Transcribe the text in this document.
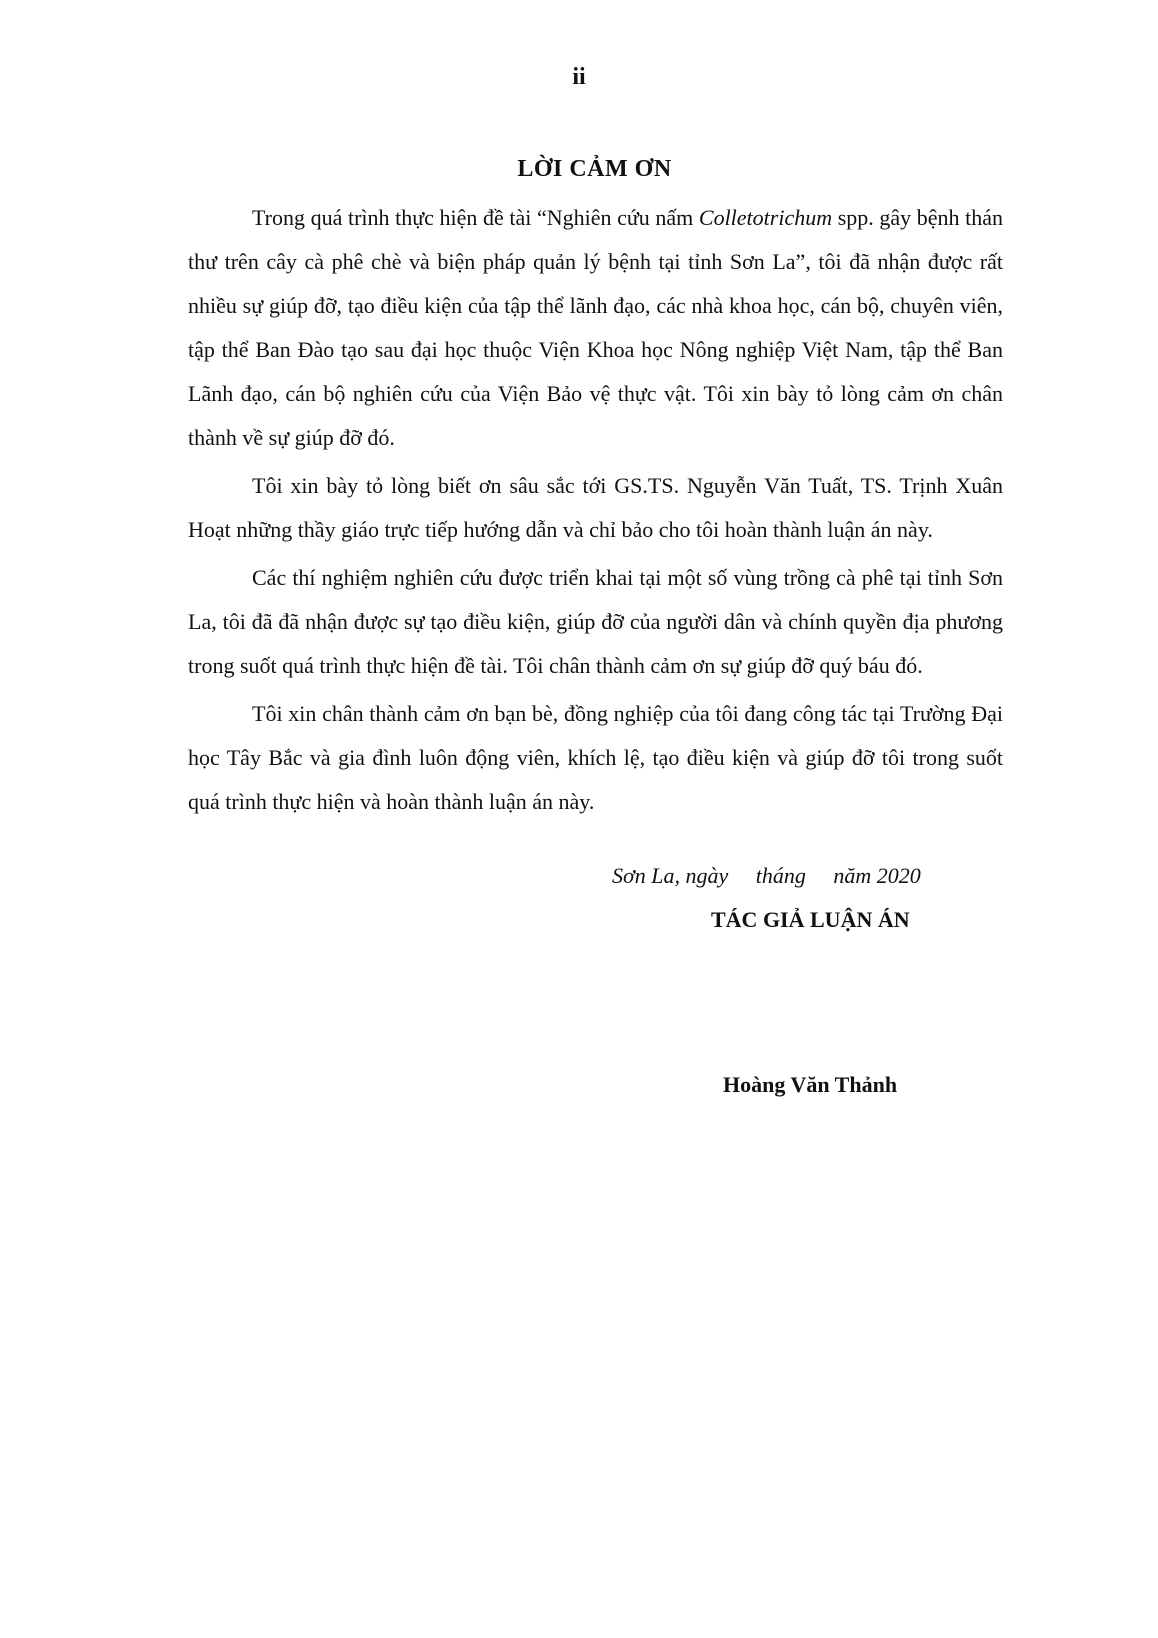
ii
LỜI CẢM ƠN

Trong quá trình thực hiện đề tài “Nghiên cứu nấm Colletotrichum spp. gây bệnh thán thư trên cây cà phê chè và biện pháp quản lý bệnh tại tỉnh Sơn La”, tôi đã nhận được rất nhiều sự giúp đỡ, tạo điều kiện của tập thể lãnh đạo, các nhà khoa học, cán bộ, chuyên viên, tập thể Ban Đào tạo sau đại học thuộc Viện Khoa học Nông nghiệp Việt Nam, tập thể Ban Lãnh đạo, cán bộ nghiên cứu của Viện Bảo vệ thực vật. Tôi xin bày tỏ lòng cảm ơn chân thành về sự giúp đỡ đó.

Tôi xin bày tỏ lòng biết ơn sâu sắc tới GS.TS. Nguyễn Văn Tuất, TS. Trịnh Xuân Hoạt những thầy giáo trực tiếp hướng dẫn và chỉ bảo cho tôi hoàn thành luận án này.

Các thí nghiệm nghiên cứu được triển khai tại một số vùng trồng cà phê tại tỉnh Sơn La, tôi đã đã nhận được sự tạo điều kiện, giúp đỡ của người dân và chính quyền địa phương trong suốt quá trình thực hiện đề tài. Tôi chân thành cảm ơn sự giúp đỡ quý báu đó.

Tôi xin chân thành cảm ơn bạn bè, đồng nghiệp của tôi đang công tác tại Trường Đại học Tây Bắc và gia đình luôn động viên, khích lệ, tạo điều kiện và giúp đỡ tôi trong suốt quá trình thực hiện và hoàn thành luận án này.

Sơn La, ngày     tháng     năm 2020
TÁC GIẢ LUẬN ÁN
Hoàng Văn Thảnh
